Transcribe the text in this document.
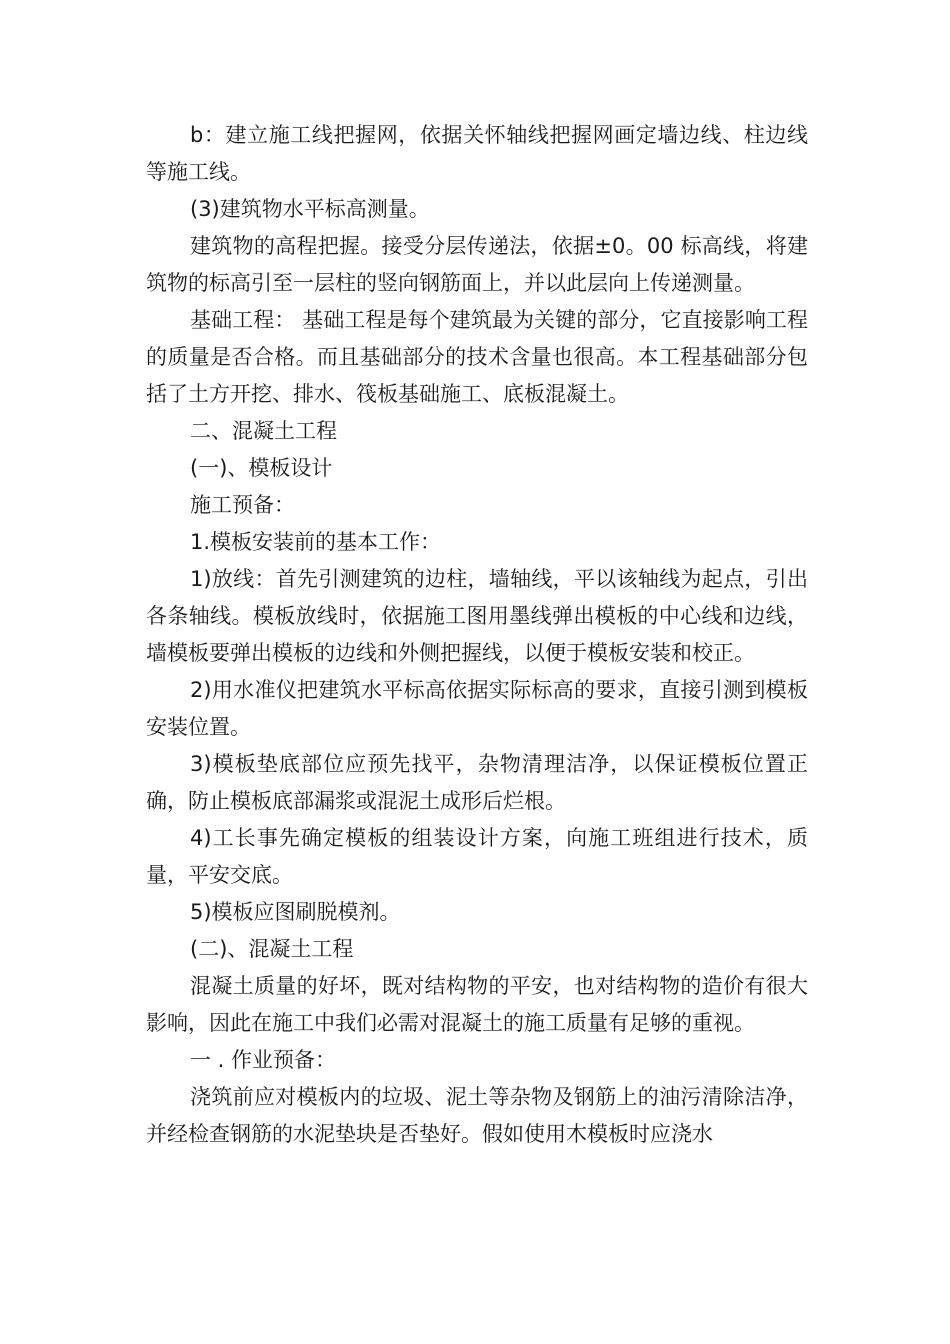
b：建立施工线把握网，依据关怀轴线把握网画定墙边线、柱边线等施工线。

(3)建筑物水平标高测量。

建筑物的高程把握。接受分层传递法，依据±0。00 标高线，将建筑物的标高引至一层柱的竖向钢筋面上，并以此层向上传递测量。

基础工程： 基础工程是每个建筑最为关键的部分，它直接影响工程的质量是否合格。而且基础部分的技术含量也很高。本工程基础部分包括了土方开挖、排水、筏板基础施工、底板混凝土。

二、混凝土工程

(一)、模板设计

施工预备：

1.模板安装前的基本工作：

1)放线：首先引测建筑的边柱，墙轴线，平以该轴线为起点，引出各条轴线。模板放线时，依据施工图用墨线弹出模板的中心线和边线，墙模板要弹出模板的边线和外侧把握线，以便于模板安装和校正。

2)用水准仪把建筑水平标高依据实际标高的要求，直接引测到模板安装位置。

3)模板垫底部位应预先找平，杂物清理洁净，以保证模板位置正确，防止模板底部漏浆或混泥土成形后烂根。

4)工长事先确定模板的组装设计方案，向施工班组进行技术，质量，平安交底。

5)模板应图刷脱模剂。

(二)、混凝土工程

混凝土质量的好坏，既对结构物的平安，也对结构物的造价有很大影响，因此在施工中我们必需对混凝土的施工质量有足够的重视。

一 . 作业预备：

浇筑前应对模板内的垃圾、泥土等杂物及钢筋上的油污清除洁净，并经检查钢筋的水泥垫块是否垫好。假如使用木模板时应浇水
